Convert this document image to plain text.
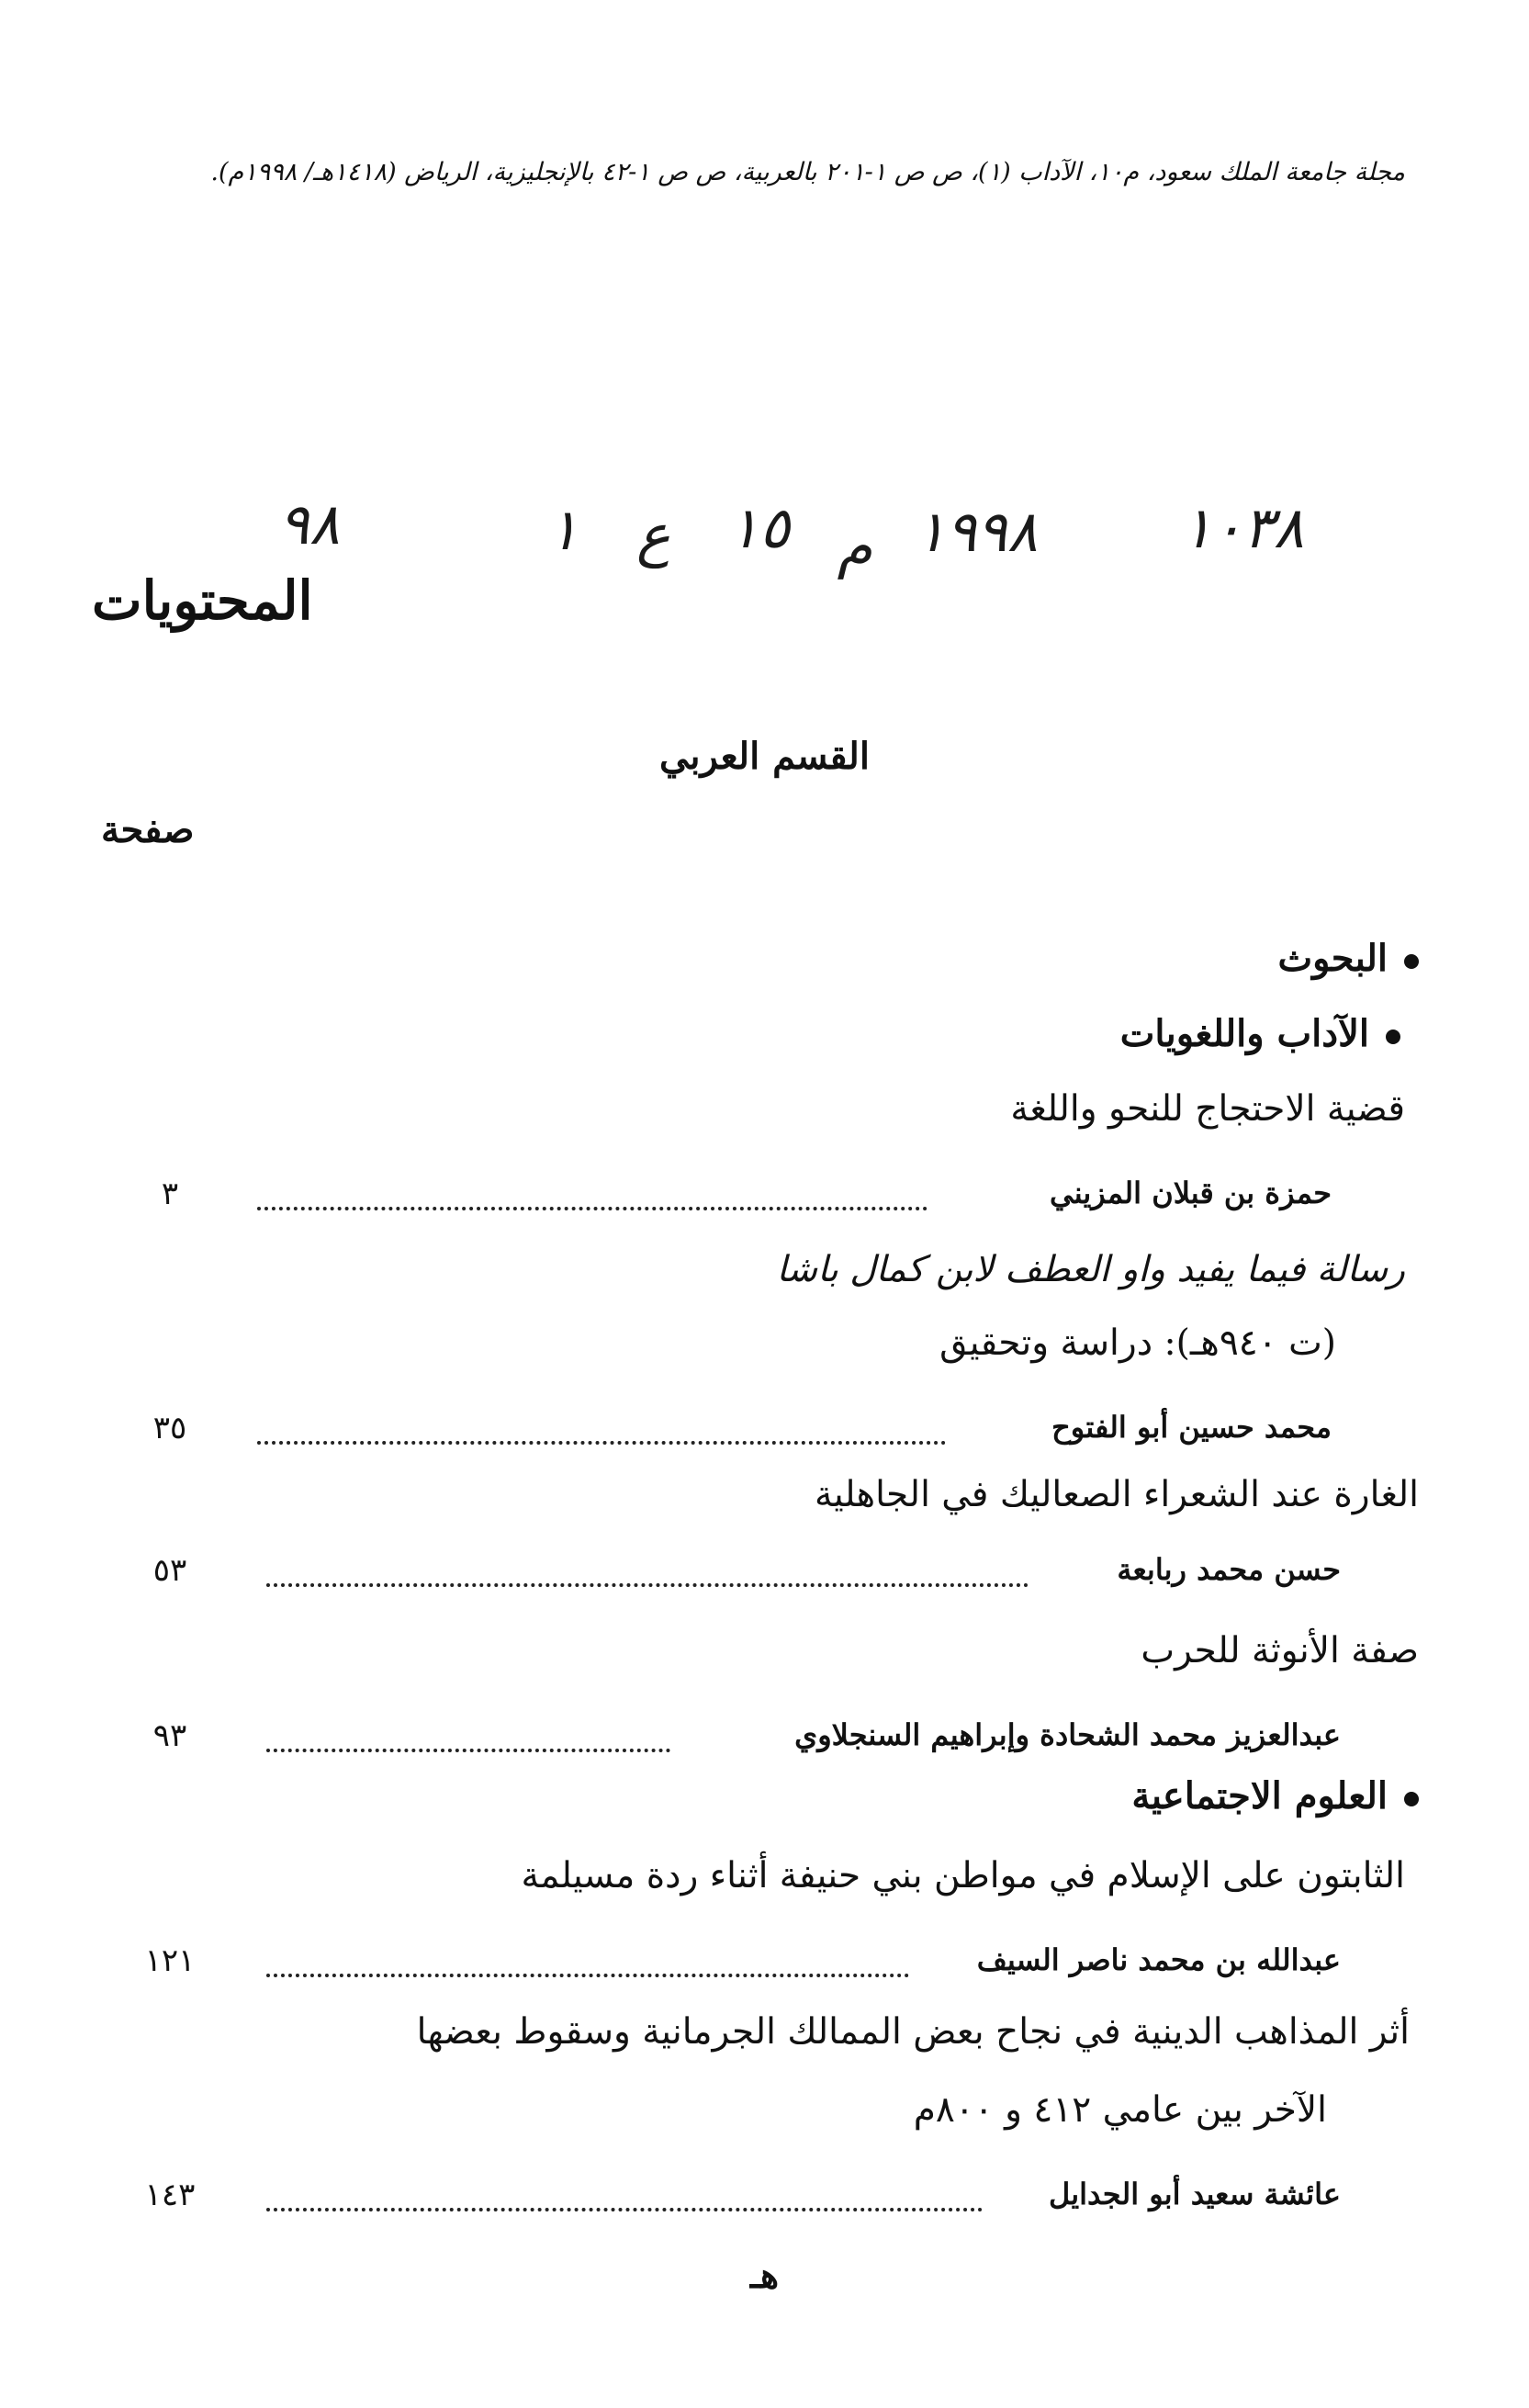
مجلة جامعة الملك سعود، م١٠، الآداب (١)، ص ص ١-٢٠١ بالعربية، ص ص ١-٤٢ بالإنجليزية، الرياض (١٤١٨هـ/ ١٩٩٨م).
١٠٣٨
١٩٩٨
م
١٥
ع
١
٩٨
المحتويات
القسم العربي
صفحة
البحوث
الآداب واللغويات
قضية الاحتجاج للنحو واللغة
حمزة بن قبلان المزيني
٣
رسالة فيما يفيد واو العطف لابن كمال باشا
(ت ٩٤٠هـ): دراسة وتحقيق
محمد حسين أبو الفتوح
٣٥
الغارة عند الشعراء الصعاليك في الجاهلية
حسن محمد ربابعة
٥٣
صفة الأنوثة للحرب
عبدالعزيز محمد الشحادة وإبراهيم السنجلاوي
٩٣
العلوم الاجتماعية
الثابتون على الإسلام في مواطن بني حنيفة أثناء ردة مسيلمة
عبدالله بن محمد ناصر السيف
١٢١
أثر المذاهب الدينية في نجاح بعض الممالك الجرمانية وسقوط بعضها
الآخر بين عامي ٤١٢ و ٨٠٠م
عائشة سعيد أبو الجدايل
١٤٣
هـ
